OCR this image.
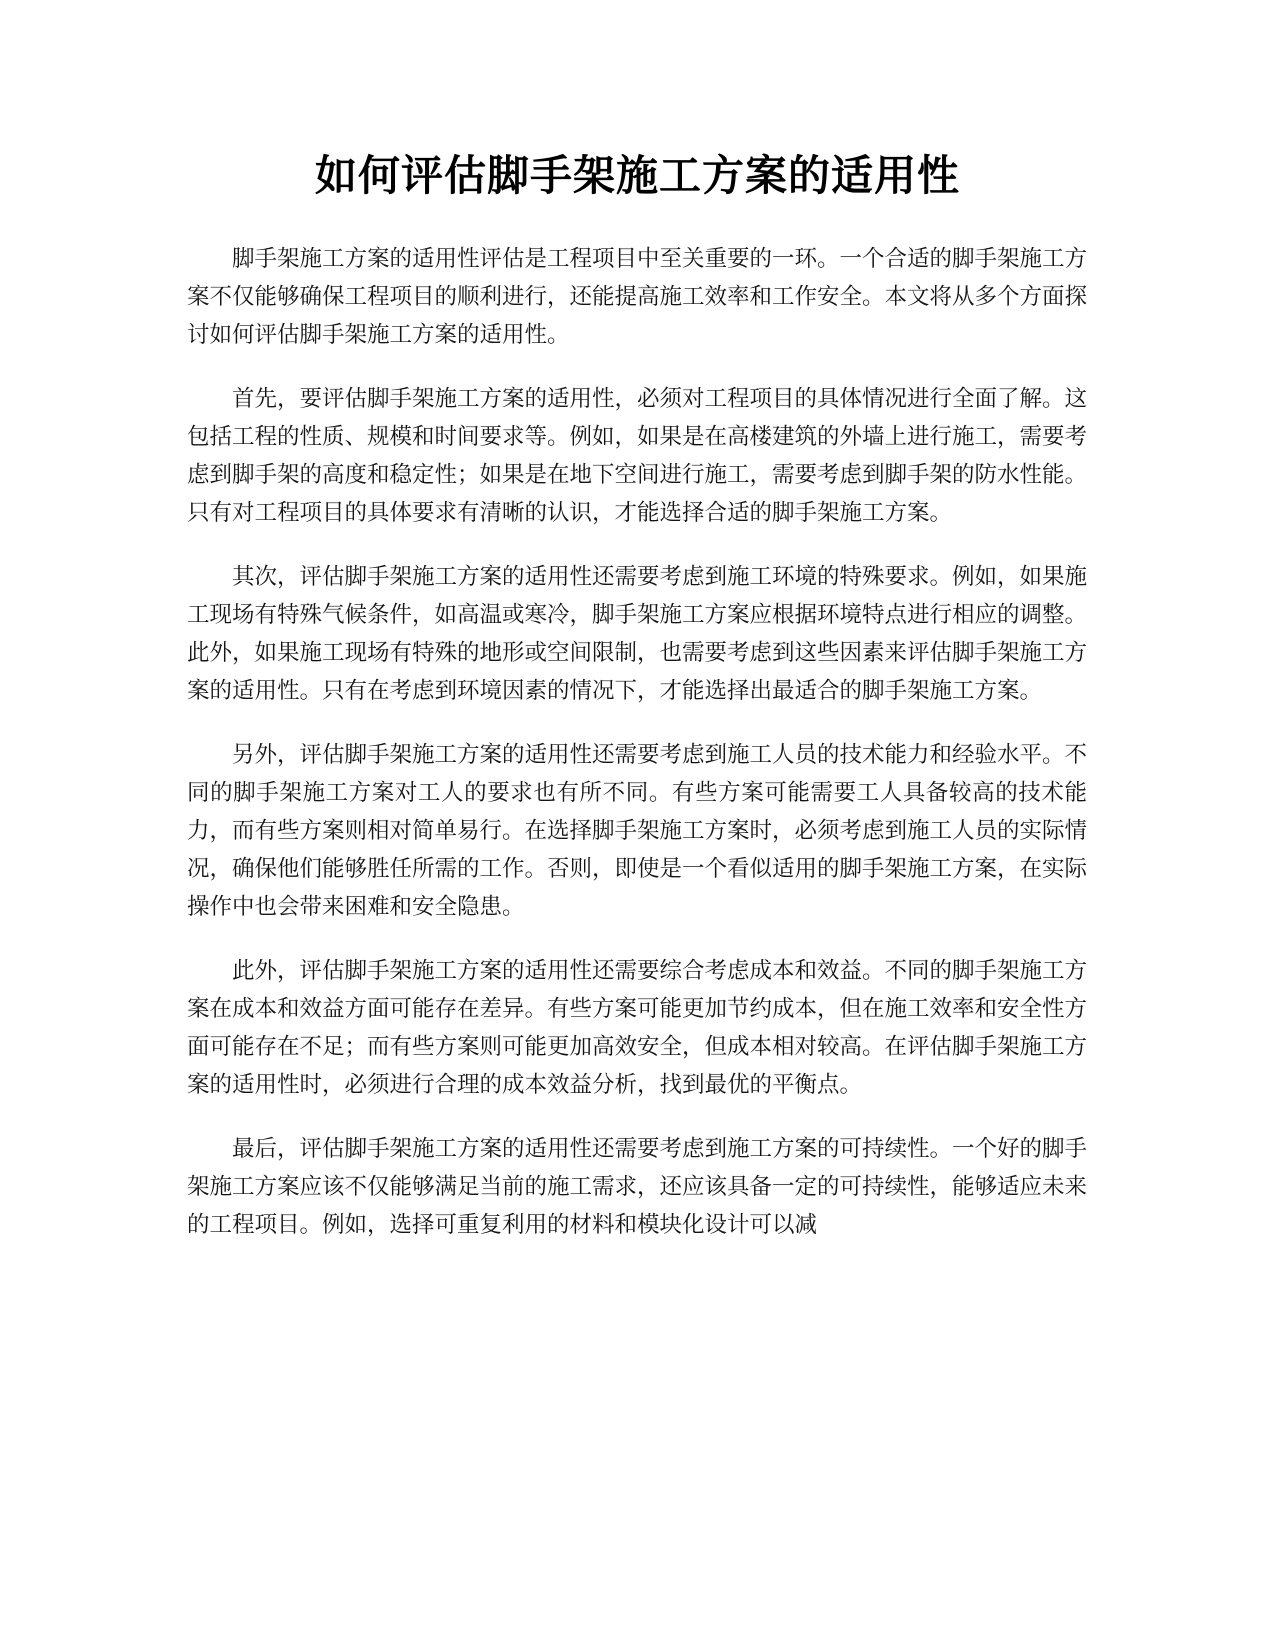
如何评估脚手架施工方案的适用性

脚手架施工方案的适用性评估是工程项目中至关重要的一环。一个合适的脚手架施工方案不仅能够确保工程项目的顺利进行，还能提高施工效率和工作安全。本文将从多个方面探讨如何评估脚手架施工方案的适用性。

首先，要评估脚手架施工方案的适用性，必须对工程项目的具体情况进行全面了解。这包括工程的性质、规模和时间要求等。例如，如果是在高楼建筑的外墙上进行施工，需要考虑到脚手架的高度和稳定性；如果是在地下空间进行施工，需要考虑到脚手架的防水性能。只有对工程项目的具体要求有清晰的认识，才能选择合适的脚手架施工方案。

其次，评估脚手架施工方案的适用性还需要考虑到施工环境的特殊要求。例如，如果施工现场有特殊气候条件，如高温或寒冷，脚手架施工方案应根据环境特点进行相应的调整。此外，如果施工现场有特殊的地形或空间限制，也需要考虑到这些因素来评估脚手架施工方案的适用性。只有在考虑到环境因素的情况下，才能选择出最适合的脚手架施工方案。

另外，评估脚手架施工方案的适用性还需要考虑到施工人员的技术能力和经验水平。不同的脚手架施工方案对工人的要求也有所不同。有些方案可能需要工人具备较高的技术能力，而有些方案则相对简单易行。在选择脚手架施工方案时，必须考虑到施工人员的实际情况，确保他们能够胜任所需的工作。否则，即使是一个看似适用的脚手架施工方案，在实际操作中也会带来困难和安全隐患。

此外，评估脚手架施工方案的适用性还需要综合考虑成本和效益。不同的脚手架施工方案在成本和效益方面可能存在差异。有些方案可能更加节约成本，但在施工效率和安全性方面可能存在不足；而有些方案则可能更加高效安全，但成本相对较高。在评估脚手架施工方案的适用性时，必须进行合理的成本效益分析，找到最优的平衡点。

最后，评估脚手架施工方案的适用性还需要考虑到施工方案的可持续性。一个好的脚手架施工方案应该不仅能够满足当前的施工需求，还应该具备一定的可持续性，能够适应未来的工程项目。例如，选择可重复利用的材料和模块化设计可以减
